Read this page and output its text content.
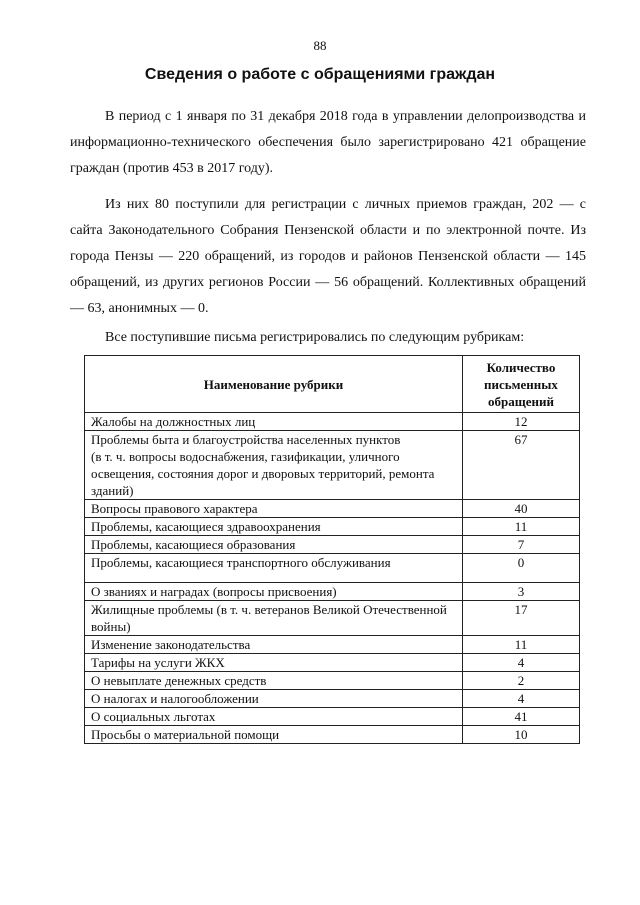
88
Сведения о работе с обращениями граждан

В период с 1 января по 31 декабря 2018 года в управлении делопроизводства и информационно-технического обеспечения было зарегистрировано 421 обращение граждан (против 453 в 2017 году).

Из них 80 поступили для регистрации с личных приемов граждан, 202 — с сайта Законодательного Собрания Пензенской области и по электронной почте. Из города Пензы — 220 обращений, из городов и районов Пензенской области — 145 обращений, из других регионов России — 56 обращений. Коллективных обращений — 63, анонимных — 0.

Все поступившие письма регистрировались по следующим рубрикам:

Наименование рубрики	Количество письменных обращений
Жалобы на должностных лиц	12

Проблемы быта и благоустройства населенных пунктов
(в т. ч. вопросы водоснабжения, газификации, уличного освещения, состояния дорог и дворовых территорий, ремонта зданий)	67
Вопросы правового характера	40
Проблемы, касающиеся здравоохранения	11
Проблемы, касающиеся образования	7
Проблемы, касающиеся транспортного обслуживания	0
О званиях и наградах (вопросы присвоения)	3
Жилищные проблемы (в т. ч. ветеранов Великой Отечественной войны)	17
Изменение законодательства	11
Тарифы на услуги ЖКХ	4
О невыплате денежных средств	2
О налогах и налогообложении	4
О социальных льготах	41
Просьбы о материальной помощи	10
